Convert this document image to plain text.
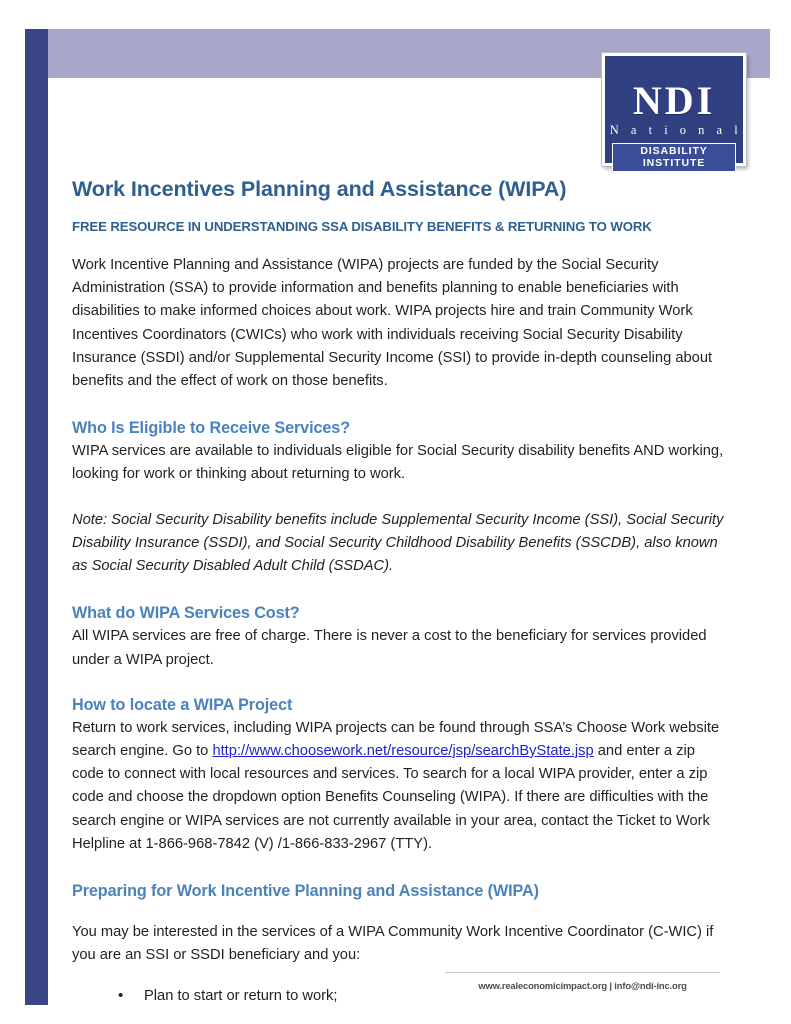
NDI
N a t i o n a l
DISABILITY INSTITUTE
Work Incentives Planning and Assistance (WIPA)
FREE RESOURCE IN UNDERSTANDING SSA DISABILITY BENEFITS & RETURNING TO WORK

Work Incentive Planning and Assistance (WIPA) projects are funded by the Social Security Administration (SSA) to provide information and benefits planning to enable beneficiaries with disabilities to make informed choices about work. WIPA projects hire and train Community Work Incentives Coordinators (CWICs) who work with individuals receiving Social Security Disability Insurance (SSDI) and/or Supplemental Security Income (SSI) to provide in-depth counseling about benefits and the effect of work on those benefits.

Who Is Eligible to Receive Services?

WIPA services are available to individuals eligible for Social Security disability benefits AND working, looking for work or thinking about returning to work.

Note: Social Security Disability benefits include Supplemental Security Income (SSI), Social Security Disability Insurance (SSDI), and Social Security Childhood Disability Benefits (SSCDB), also known as Social Security Disabled Adult Child (SSDAC).

What do WIPA Services Cost?

All WIPA services are free of charge. There is never a cost to the beneficiary for services provided under a WIPA project.

How to locate a WIPA Project

Return to work services, including WIPA projects can be found through SSA’s Choose Work website search engine. Go to http://www.choosework.net/resource/jsp/searchByState.jsp and enter a zip code to connect with local resources and services. To search for a local WIPA provider, enter a zip code and choose the dropdown option Benefits Counseling (WIPA). If there are difficulties with the search engine or WIPA services are not currently available in your area, contact the Ticket to Work Helpline at 1-866-968-7842 (V) /1-866-833-2967 (TTY).

Preparing for Work Incentive Planning and Assistance (WIPA)

You may be interested in the services of a WIPA Community Work Incentive Coordinator (C-WIC) if you are an SSI or SSDI beneficiary and you:

• Plan to start or return to work;
www.realeconomicimpact.org | info@ndi-inc.org
